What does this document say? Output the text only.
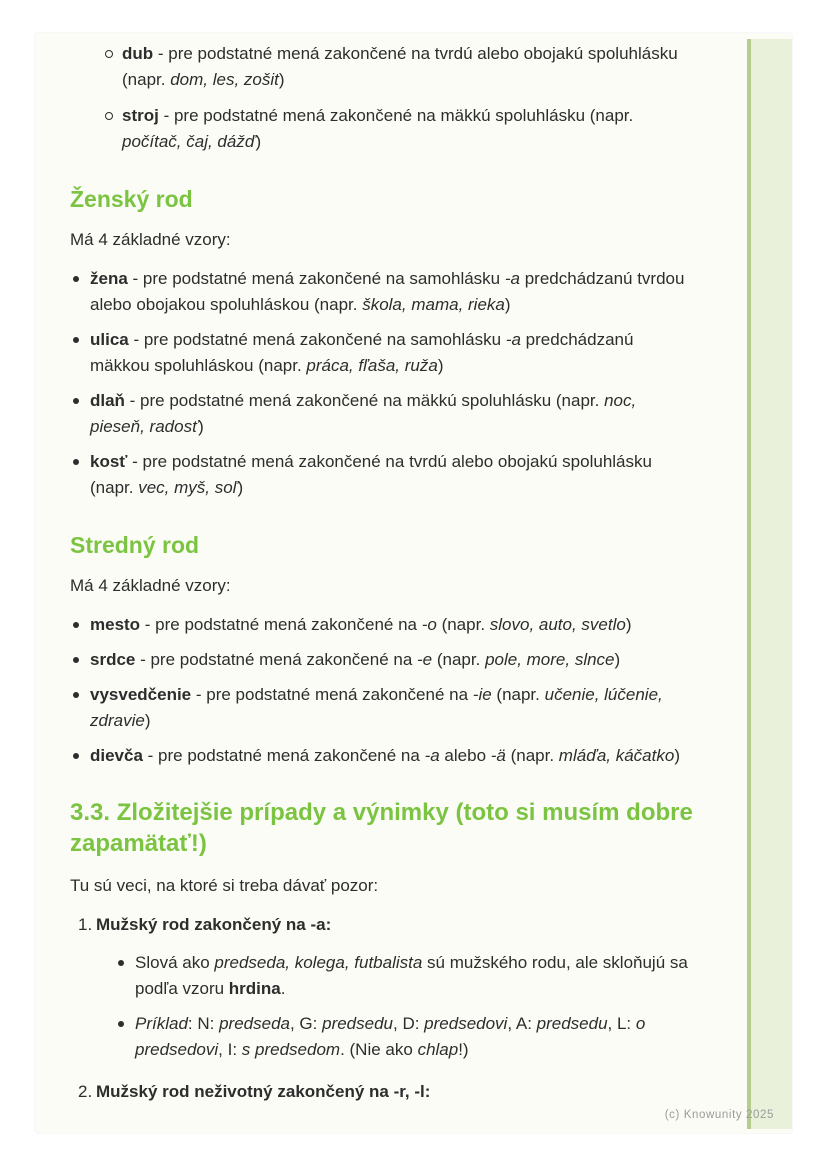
dub - pre podstatné mená zakončené na tvrdú alebo obojakú spoluhlásku (napr. dom, les, zošit)
stroj - pre podstatné mená zakončené na mäkkú spoluhlásku (napr. počítač, čaj, dážď)
Ženský rod

Má 4 základné vzory:

žena - pre podstatné mená zakončené na samohlásku -a predchádzanú tvrdou alebo obojakou spoluhláskou (napr. škola, mama, rieka)
ulica - pre podstatné mená zakončené na samohlásku -a predchádzanú mäkkou spoluhláskou (napr. práca, fľaša, ruža)
dlaň - pre podstatné mená zakončené na mäkkú spoluhlásku (napr. noc, pieseň, radosť)
kosť - pre podstatné mená zakončené na tvrdú alebo obojakú spoluhlásku (napr. vec, myš, soľ)
Stredný rod

Má 4 základné vzory:

mesto - pre podstatné mená zakončené na -o (napr. slovo, auto, svetlo)
srdce - pre podstatné mená zakončené na -e (napr. pole, more, slnce)
vysvedčenie - pre podstatné mená zakončené na -ie (napr. učenie, lúčenie, zdravie)
dievča - pre podstatné mená zakončené na -a alebo -ä (napr. mláďa, káčatko)
3.3. Zložitejšie prípady a výnimky (toto si musím dobre zapamätať!)

Tu sú veci, na ktoré si treba dávať pozor:

1. Mužský rod zakončený na -a:
Slová ako predseda, kolega, futbalista sú mužského rodu, ale skloňujú sa podľa vzoru hrdina.
Príklad: N: predseda, G: predsedu, D: predsedovi, A: predsedu, L: o predsedovi, I: s predsedom. (Nie ako chlap!)
2. Mužský rod neživotný zakončený na -r, -l:
(c) Knowunity 2025
